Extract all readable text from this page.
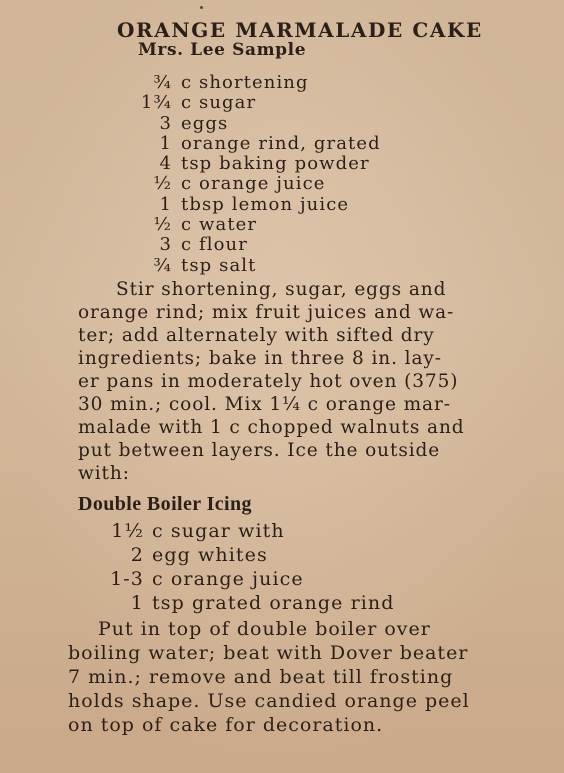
ORANGE MARMALADE CAKE
Mrs. Lee Sample
¾ c shortening
1¾ c sugar
3 eggs
1 orange rind, grated
4 tsp baking powder
½ c orange juice
1 tbsp lemon juice
½ c water
3 c flour
¾ tsp salt
Stir shortening, sugar, eggs and
orange rind; mix fruit juices and wa-
ter; add alternately with sifted dry
ingredients; bake in three 8 in. lay-
er pans in moderately hot oven (375)
30 min.; cool. Mix 1¼ c orange mar-
malade with 1 c chopped walnuts and
put between layers. Ice the outside
with:
Double Boiler Icing
1½ c sugar with
2 egg whites
1-3 c orange juice
1 tsp grated orange rind
Put in top of double boiler over
boiling water; beat with Dover beater
7 min.; remove and beat till frosting
holds shape. Use candied orange peel
on top of cake for decoration.
